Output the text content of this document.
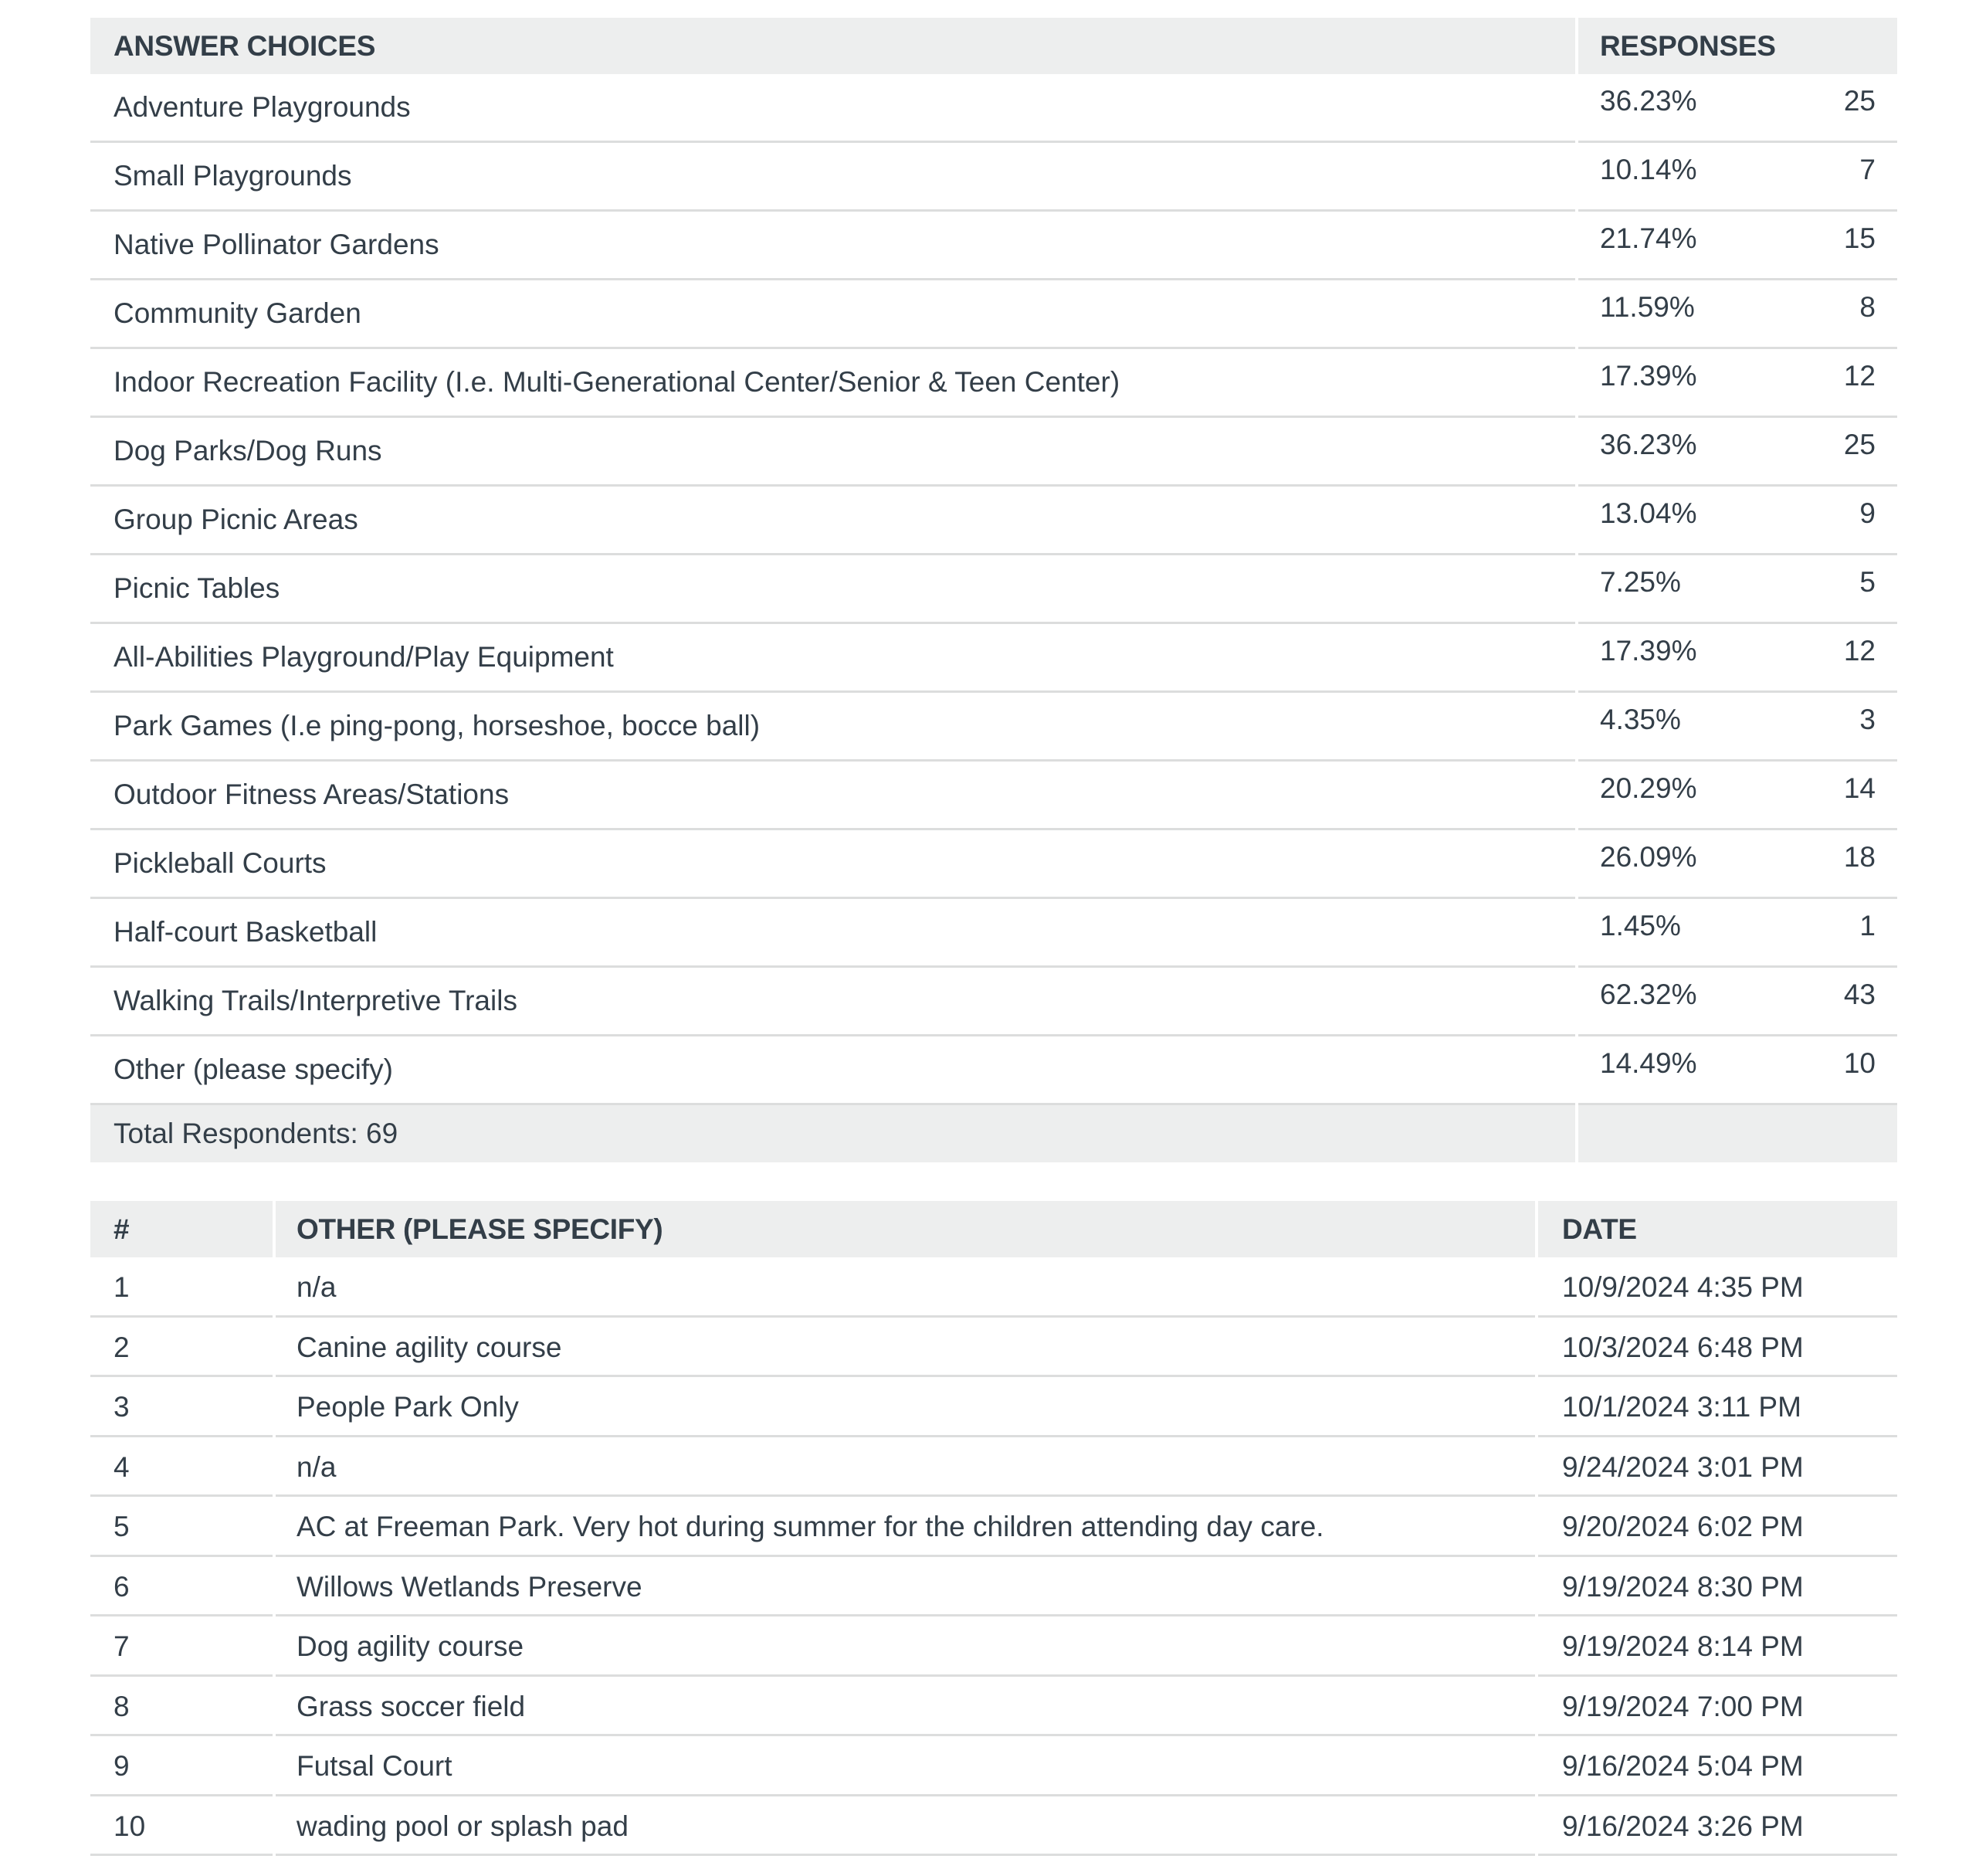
ANSWER CHOICES	RESPONSES
Adventure Playgrounds	36.23%	25
Small Playgrounds	10.14%	7
Native Pollinator Gardens	21.74%	15
Community Garden	11.59%	8
Indoor Recreation Facility (I.e. Multi-Generational Center/Senior & Teen Center)	17.39%	12
Dog Parks/Dog Runs	36.23%	25
Group Picnic Areas	13.04%	9
Picnic Tables	7.25%	5
All-Abilities Playground/Play Equipment	17.39%	12
Park Games (I.e ping-pong, horseshoe, bocce ball)	4.35%	3
Outdoor Fitness Areas/Stations	20.29%	14
Pickleball Courts	26.09%	18
Half-court Basketball	1.45%	1
Walking Trails/Interpretive Trails	62.32%	43
Other (please specify)	14.49%	10
Total Respondents: 69
#	OTHER (PLEASE SPECIFY)	DATE
1	n/a	10/9/2024 4:35 PM
2	Canine agility course	10/3/2024 6:48 PM
3	People Park Only	10/1/2024 3:11 PM
4	n/a	9/24/2024 3:01 PM
5	AC at Freeman Park. Very hot during summer for the children attending day care.	9/20/2024 6:02 PM
6	Willows Wetlands Preserve	9/19/2024 8:30 PM
7	Dog agility course	9/19/2024 8:14 PM
8	Grass soccer field	9/19/2024 7:00 PM
9	Futsal Court	9/16/2024 5:04 PM
10	wading pool or splash pad	9/16/2024 3:26 PM
